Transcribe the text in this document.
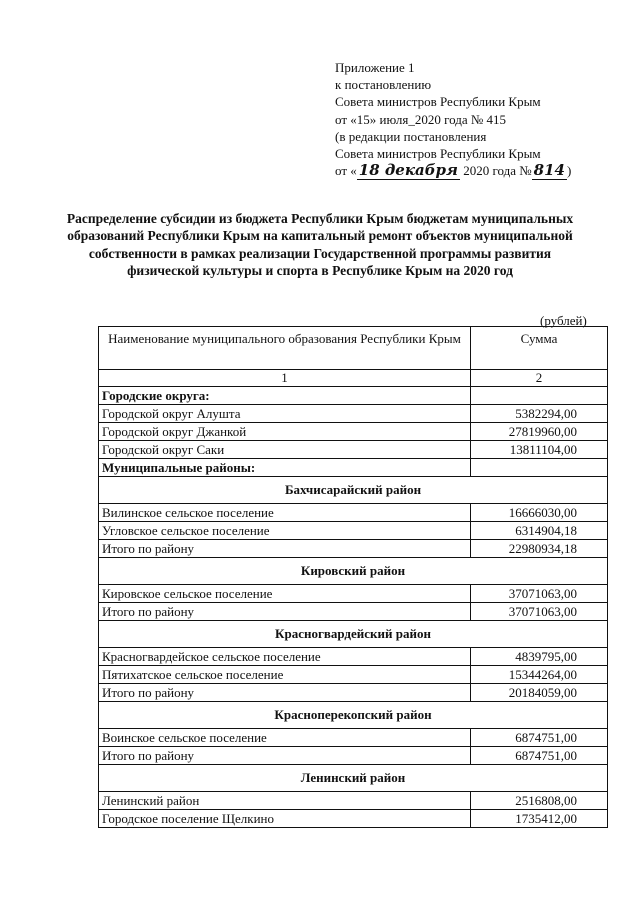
Приложение 1
к постановлению
Совета министров Республики Крым
от «15» июля_2020 года № 415
(в редакции постановления
Совета министров Республики Крым
от « 18 декабря 2020 года № 814 )
Распределение субсидии из бюджета Республики Крым бюджетам муниципальных образований Республики Крым на капитальный ремонт объектов муниципальной собственности в рамках реализации Государственной программы развития физической культуры и спорта в Республике Крым на 2020 год
(рублей)
Наименование муниципального образования Республики Крым	Сумма
1	2
Городские округа:	
Городской округ Алушта	5382294,00
Городской округ Джанкой	27819960,00
Городской округ Саки	13811104,00
Муниципальные районы:	
Бахчисарайский район	
Вилинское сельское поселение	16666030,00
Угловское сельское поселение	6314904,18
Итого по району	22980934,18
Кировский район	
Кировское сельское поселение	37071063,00
Итого по району	37071063,00
Красногвардейский район	
Красногвардейское сельское поселение	4839795,00
Пятихатское сельское поселение	15344264,00
Итого по району	20184059,00
Красноперекопский район	
Воинское сельское поселение	6874751,00
Итого по району	6874751,00
Ленинский район	
Ленинский район	2516808,00
Городское поселение Щелкино	1735412,00
